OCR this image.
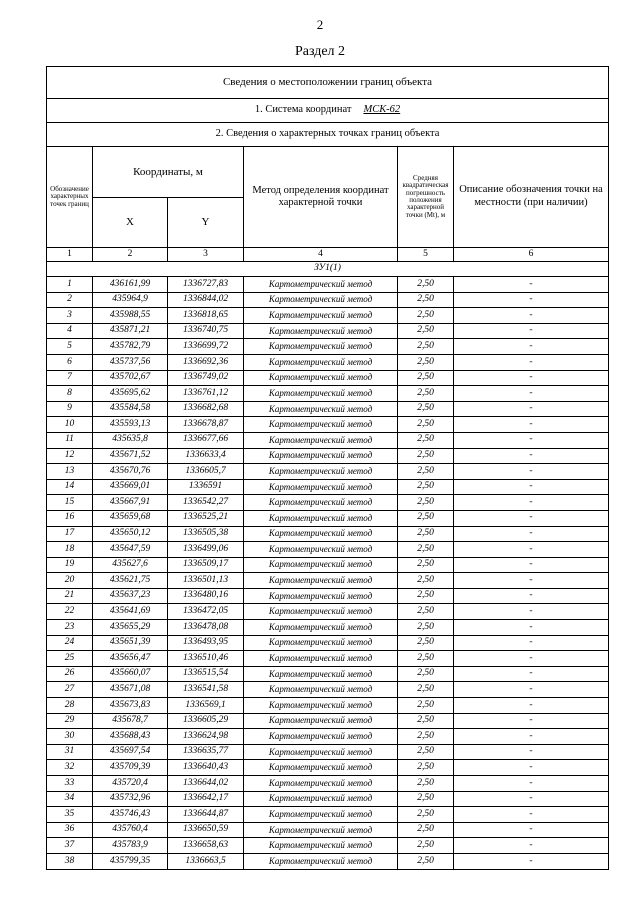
2
Раздел 2
Сведения о местоположении границ объекта					
1. Система координат МСК-62					
2. Сведения о характерных точках границ объекта					
Обозначение характерных точек границ	Координаты, м		Метод определения координат характерной точки	Средняя квадратическая погрешность положения характерной точки (Mt), м	Описание обозначения точки на местности (при наличии)
	X	Y			
1	2	3	4	5	6
ЗУ1(1)					
1	436161,99	1336727,83	Картометрический метод	2,50	-
2	435964,9	1336844,02	Картометрический метод	2,50	-
3	435988,55	1336818,65	Картометрический метод	2,50	-
4	435871,21	1336740,75	Картометрический метод	2,50	-
5	435782,79	1336699,72	Картометрический метод	2,50	-
6	435737,56	1336692,36	Картометрический метод	2,50	-
7	435702,67	1336749,02	Картометрический метод	2,50	-
8	435695,62	1336761,12	Картометрический метод	2,50	-
9	435584,58	1336682,68	Картометрический метод	2,50	-
10	435593,13	1336678,87	Картометрический метод	2,50	-
11	435635,8	1336677,66	Картометрический метод	2,50	-
12	435671,52	1336633,4	Картометрический метод	2,50	-
13	435670,76	1336605,7	Картометрический метод	2,50	-
14	435669,01	1336591	Картометрический метод	2,50	-
15	435667,91	1336542,27	Картометрический метод	2,50	-
16	435659,68	1336525,21	Картометрический метод	2,50	-
17	435650,12	1336505,38	Картометрический метод	2,50	-
18	435647,59	1336499,06	Картометрический метод	2,50	-
19	435627,6	1336509,17	Картометрический метод	2,50	-
20	435621,75	1336501,13	Картометрический метод	2,50	-
21	435637,23	1336480,16	Картометрический метод	2,50	-
22	435641,69	1336472,05	Картометрический метод	2,50	-
23	435655,29	1336478,08	Картометрический метод	2,50	-
24	435651,39	1336493,95	Картометрический метод	2,50	-
25	435656,47	1336510,46	Картометрический метод	2,50	-
26	435660,07	1336515,54	Картометрический метод	2,50	-
27	435671,08	1336541,58	Картометрический метод	2,50	-
28	435673,83	1336569,1	Картометрический метод	2,50	-
29	435678,7	1336605,29	Картометрический метод	2,50	-
30	435688,43	1336624,98	Картометрический метод	2,50	-
31	435697,54	1336635,77	Картометрический метод	2,50	-
32	435709,39	1336640,43	Картометрический метод	2,50	-
33	435720,4	1336644,02	Картометрический метод	2,50	-
34	435732,96	1336642,17	Картометрический метод	2,50	-
35	435746,43	1336644,87	Картометрический метод	2,50	-
36	435760,4	1336650,59	Картометрический метод	2,50	-
37	435783,9	1336658,63	Картометрический метод	2,50	-
38	435799,35	1336663,5	Картометрический метод	2,50	-
